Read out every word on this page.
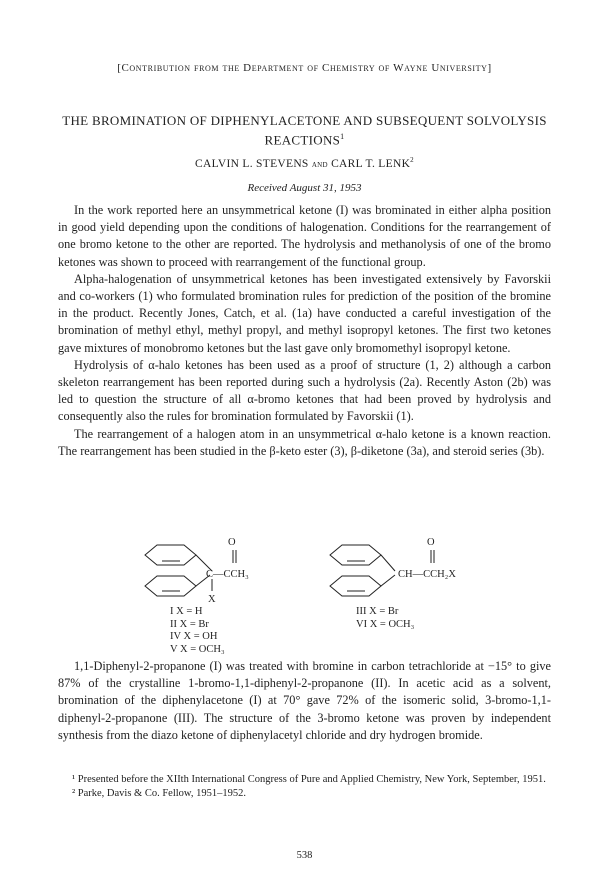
[Contribution from the Department of Chemistry of Wayne University]
THE BROMINATION OF DIPHENYLACETONE AND SUBSEQUENT SOLVOLYSIS REACTIONS$^1$
CALVIN L. STEVENS and CARL T. LENK$^2$
Received August 31, 1953

In the work reported here an unsymmetrical ketone (I) was brominated in either alpha position in good yield depending upon the conditions of halogenation. Conditions for the rearrangement of one bromo ketone to the other are reported. The hydrolysis and methanolysis of one of the bromo ketones was shown to proceed with rearrangement of the functional group.

Alpha-halogenation of unsymmetrical ketones has been investigated extensively by Favorskii and co-workers (1) who formulated bromination rules for prediction of the position of the bromine in the product. Recently Jones, Catch, et al. (1a) have conducted a careful investigation of the bromination of methyl ethyl, methyl propyl, and methyl isopropyl ketones. The first two ketones gave mixtures of monobromo ketones but the last gave only bromomethyl isopropyl ketone.

Hydrolysis of α-halo ketones has been used as a proof of structure (1, 2) although a carbon skeleton rearrangement has been reported during such a hydrolysis (2a). Recently Aston (2b) was led to question the structure of all α-bromo ketones that had been proved by hydrolysis and consequently also the rules for bromination formulated by Favorskii (1).

The rearrangement of a halogen atom in an unsymmetrical α-halo ketone is a known reaction. The rearrangement has been studied in the β-keto ester (3), β-diketone (3a), and steroid series (3b).

O
C—CCH₃
X
O
CH—CCH₂X
I X = H
II X = Br
IV X = OH
V X = OCH₃
III X = Br
VI X = OCH₃

1,1-Diphenyl-2-propanone (I) was treated with bromine in carbon tetrachloride at −15° to give 87% of the crystalline 1-bromo-1,1-diphenyl-2-propanone (II). In acetic acid as a solvent, bromination of the diphenylacetone (I) at 70° gave 72% of the isomeric solid, 3-bromo-1,1-diphenyl-2-propanone (III). The structure of the 3-bromo ketone was proven by independent synthesis from the diazo ketone of diphenylacetyl chloride and dry hydrogen bromide.

¹ Presented before the XIIth International Congress of Pure and Applied Chemistry, New York, September, 1951.

² Parke, Davis & Co. Fellow, 1951–1952.

538
